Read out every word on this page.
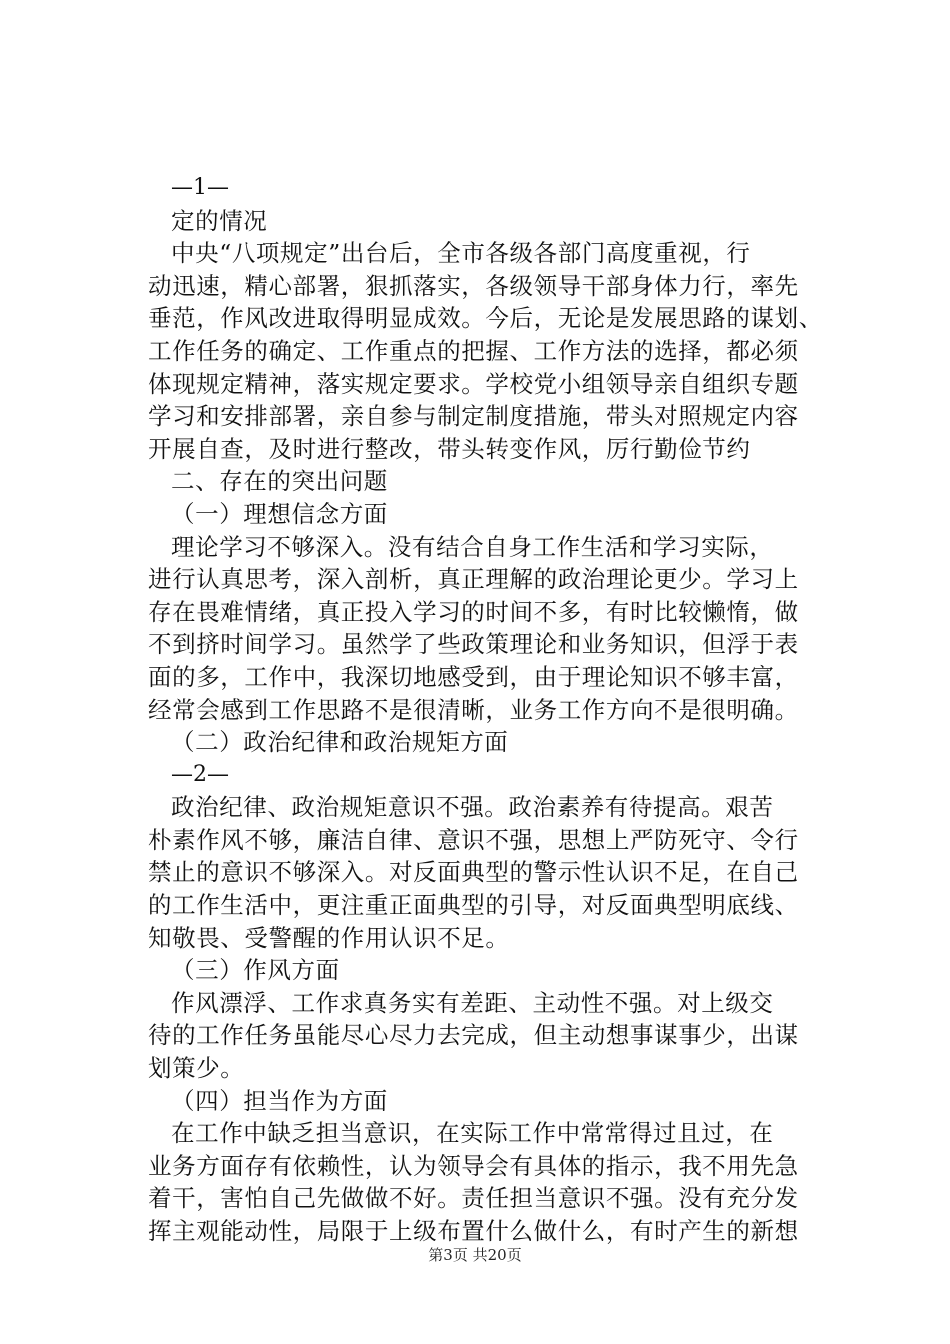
—1—
定的情况
中央“八项规定”出台后，全市各级各部门高度重视，行
动迅速，精心部署，狠抓落实，各级领导干部身体力行，率先
垂范，作风改进取得明显成效。今后，无论是发展思路的谋划、
工作任务的确定、工作重点的把握、工作方法的选择，都必须
体现规定精神，落实规定要求。学校党小组领导亲自组织专题
学习和安排部署，亲自参与制定制度措施，带头对照规定内容
开展自查，及时进行整改，带头转变作风，厉行勤俭节约
二、存在的突出问题
（一）理想信念方面
理论学习不够深入。没有结合自身工作生活和学习实际，
进行认真思考，深入剖析，真正理解的政治理论更少。学习上
存在畏难情绪，真正投入学习的时间不多，有时比较懒惰，做
不到挤时间学习。虽然学了些政策理论和业务知识，但浮于表
面的多，工作中，我深切地感受到，由于理论知识不够丰富，
经常会感到工作思路不是很清晰，业务工作方向不是很明确。
（二）政治纪律和政治规矩方面
—2—
政治纪律、政治规矩意识不强。政治素养有待提高。艰苦
朴素作风不够，廉洁自律、意识不强，思想上严防死守、令行
禁止的意识不够深入。对反面典型的警示性认识不足，在自己
的工作生活中，更注重正面典型的引导，对反面典型明底线、
知敬畏、受警醒的作用认识不足。
（三）作风方面
作风漂浮、工作求真务实有差距、主动性不强。对上级交
待的工作任务虽能尽心尽力去完成，但主动想事谋事少，出谋
划策少。
（四）担当作为方面
在工作中缺乏担当意识，在实际工作中常常得过且过，在
业务方面存有依赖性，认为领导会有具体的指示，我不用先急
着干，害怕自己先做做不好。责任担当意识不强。没有充分发
挥主观能动性，局限于上级布置什么做什么，有时产生的新想
第3页 共20页
